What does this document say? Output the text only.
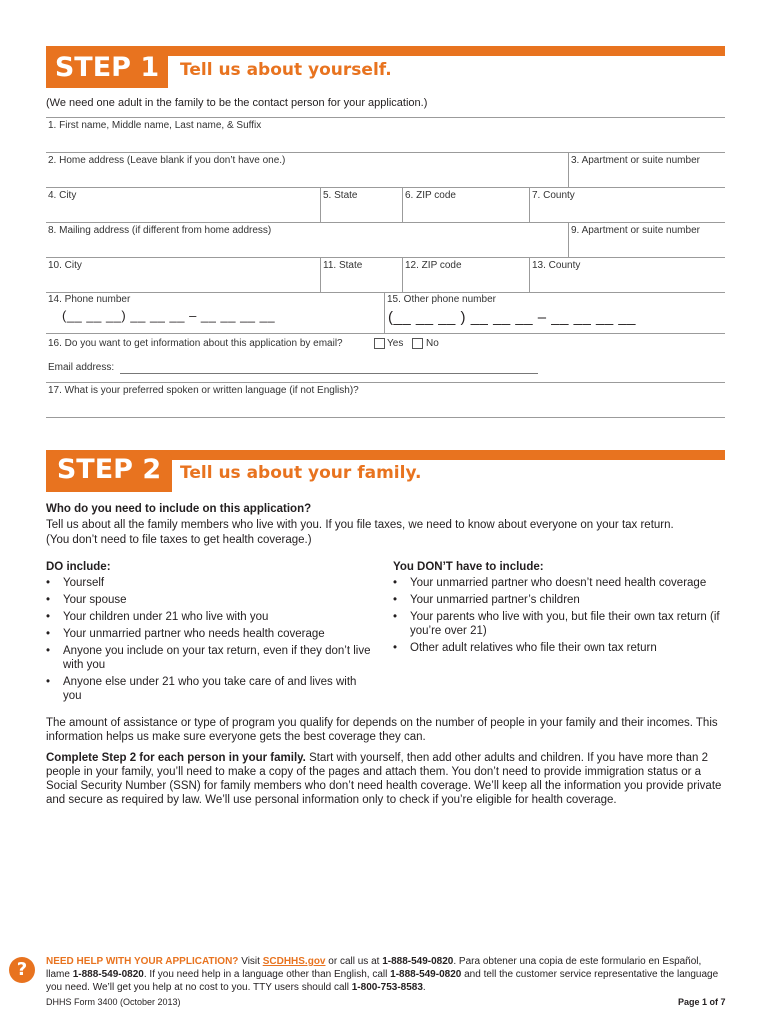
STEP 1	Tell us about yourself.
(We need one adult in the family to be the contact person for your application.)
1. First name, Middle name, Last name, & Suffix
2. Home address (Leave blank if you don’t have one.)	3. Apartment or suite number
4. City	5. State	6. ZIP code	7. County
8. Mailing address (if different from home address)	9. Apartment or suite number
10. City	11. State	12. ZIP code	13. County
14. Phone number
(__ __ __) __ __ __ – __ __ __ __
15. Other phone number
(__ __ __ ) __ __ __ – __ __ __ __
16. Do you want to get information about this application by email?	Yes No
Email address:
17. What is your preferred spoken or written language (if not English)?
STEP 2	Tell us about your family.
Who do you need to include on this application?
Tell us about all the family members who live with you. If you file taxes, we need to know about everyone on your tax return.
(You don’t need to file taxes to get health coverage.)
DO include:
• Yourself
• Your spouse
• Your children under 21 who live with you
• Your unmarried partner who needs health coverage
• Anyone you include on your tax return, even if they don’t live with you
• Anyone else under 21 who you take care of and lives with you
You DON’T have to include:
• Your unmarried partner who doesn’t need health coverage
• Your unmarried partner’s children
• Your parents who live with you, but file their own tax return (if you’re over 21)
• Other adult relatives who file their own tax return
The amount of assistance or type of program you qualify for depends on the number of people in your family and their incomes. This information helps us make sure everyone gets the best coverage they can.
Complete Step 2 for each person in your family. Start with yourself, then add other adults and children. If you have more than 2 people in your family, you’ll need to make a copy of the pages and attach them. You don’t need to provide immigration status or a Social Security Number (SSN) for family members who don’t need health coverage. We’ll keep all the information you provide private and secure as required by law. We’ll use personal information only to check if you’re eligible for health coverage.
?	NEED HELP WITH YOUR APPLICATION? Visit SCDHHS.gov or call us at 1-888-549-0820. Para obtener una copia de este formulario en Español, llame 1-888-549-0820. If you need help in a language other than English, call 1-888-549-0820 and tell the customer service representative the language you need. We’ll get you help at no cost to you. TTY users should call 1-800-753-8583.
DHHS Form 3400 (October 2013)	Page 1 of 7
